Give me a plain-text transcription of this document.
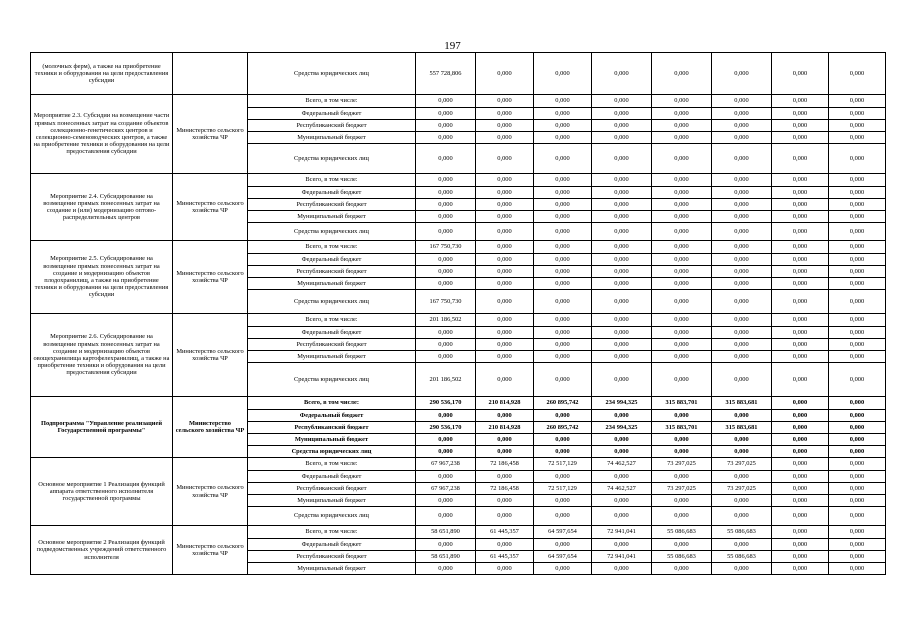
197
(молочных ферм), а также на приобретение техники и оборудования на цели предоставления субсидии		Средства юридических лиц	557 728,806	0,000	0,000	0,000	0,000	0,000	0,000	0,000
Мероприятие 2.3. Субсидии на возмещение части прямых понесенных затрат на создание объектов селекционно-генетических центров и селекционно-семеноводческих центров, а также на приобретение техники и оборудования на цели предоставления субсидии	Министерство сельского хозяйства ЧР	Всего, в том числе:	0,000	0,000	0,000	0,000	0,000	0,000	0,000	0,000
		Федеральный бюджет	0,000	0,000	0,000	0,000	0,000	0,000	0,000	0,000
		Республиканский бюджет	0,000	0,000	0,000	0,000	0,000	0,000	0,000	0,000
		Муниципальный бюджет	0,000	0,000	0,000	0,000	0,000	0,000	0,000	0,000
		Средства юридических лиц	0,000	0,000	0,000	0,000	0,000	0,000	0,000	0,000
Мероприятие 2.4. Субсидирование на возмещение прямых понесенных затрат на создание и (или) модернизацию оптово-распределительных центров	Министерство сельского хозяйства ЧР	Всего, в том числе:	0,000	0,000	0,000	0,000	0,000	0,000	0,000	0,000
		Федеральный бюджет	0,000	0,000	0,000	0,000	0,000	0,000	0,000	0,000
		Республиканский бюджет	0,000	0,000	0,000	0,000	0,000	0,000	0,000	0,000
		Муниципальный бюджет	0,000	0,000	0,000	0,000	0,000	0,000	0,000	0,000
		Средства юридических лиц	0,000	0,000	0,000	0,000	0,000	0,000	0,000	0,000
Мероприятие 2.5. Субсидирование на возмещение прямых понесенных затрат на создание и модернизацию объектов плодохранилищ, а также на приобретение техники и оборудования на цели предоставления субсидии	Министерство сельского хозяйства ЧР	Всего, в том числе:	167 750,730	0,000	0,000	0,000	0,000	0,000	0,000	0,000
		Федеральный бюджет	0,000	0,000	0,000	0,000	0,000	0,000	0,000	0,000
		Республиканский бюджет	0,000	0,000	0,000	0,000	0,000	0,000	0,000	0,000
		Муниципальный бюджет	0,000	0,000	0,000	0,000	0,000	0,000	0,000	0,000
		Средства юридических лиц	167 750,730	0,000	0,000	0,000	0,000	0,000	0,000	0,000
Мероприятие 2.6. Субсидирование на возмещение прямых понесенных затрат на создание и модернизацию объектов овощехранилища картофелехранилищ, а также на приобретение техники и оборудования на цели предоставления субсидии	Министерство сельского хозяйства ЧР	Всего, в том числе:	201 186,502	0,000	0,000	0,000	0,000	0,000	0,000	0,000
		Федеральный бюджет	0,000	0,000	0,000	0,000	0,000	0,000	0,000	0,000
		Республиканский бюджет	0,000	0,000	0,000	0,000	0,000	0,000	0,000	0,000
		Муниципальный бюджет	0,000	0,000	0,000	0,000	0,000	0,000	0,000	0,000
		Средства юридических лиц	201 186,502	0,000	0,000	0,000	0,000	0,000	0,000	0,000
Подпрограмма "Управление реализацией Государственной программы"	Министерство сельского хозяйства ЧР	Всего, в том числе:	290 536,170	210 814,928	260 895,742	234 994,325	315 883,701	315 883,681	0,000	0,000
		Федеральный бюджет	0,000	0,000	0,000	0,000	0,000	0,000	0,000	0,000
		Республиканский бюджет	290 536,170	210 814,928	260 895,742	234 994,325	315 883,701	315 883,681	0,000	0,000
		Муниципальный бюджет	0,000	0,000	0,000	0,000	0,000	0,000	0,000	0,000
		Средства юридических лиц	0,000	0,000	0,000	0,000	0,000	0,000	0,000	0,000
Основное мероприятие 1 Реализация функций аппарата ответственного исполнителя государственной программы	Министерство сельского хозяйства ЧР	Всего, в том числе:	67 967,238	72 186,458	72 517,129	74 462,527	73 297,025	73 297,025	0,000	0,000
		Федеральный бюджет	0,000	0,000	0,000	0,000	0,000	0,000	0,000	0,000
		Республиканский бюджет	67 967,238	72 186,458	72 517,129	74 462,527	73 297,025	73 297,025	0,000	0,000
		Муниципальный бюджет	0,000	0,000	0,000	0,000	0,000	0,000	0,000	0,000
		Средства юридических лиц	0,000	0,000	0,000	0,000	0,000	0,000	0,000	0,000
Основное мероприятие 2 Реализация функций подведомственных учреждений ответственного исполнителя	Министерство сельского хозяйства ЧР	Всего, в том числе:	58 651,890	61 445,357	64 597,654	72 941,041	55 086,683	55 086,683	0,000	0,000
		Федеральный бюджет	0,000	0,000	0,000	0,000	0,000	0,000	0,000	0,000
		Республиканский бюджет	58 651,890	61 445,357	64 597,654	72 941,041	55 086,683	55 086,683	0,000	0,000
		Муниципальный бюджет	0,000	0,000	0,000	0,000	0,000	0,000	0,000	0,000
